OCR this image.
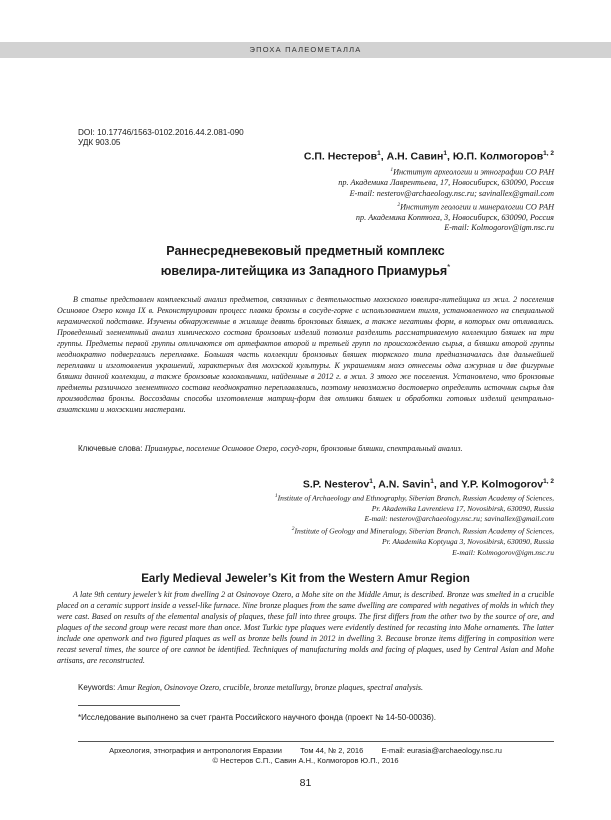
ЭПОХА ПАЛЕОМЕТАЛЛА
DOI: 10.17746/1563-0102.2016.44.2.081-090
УДК 903.05
С.П. Нестеров$^1$, А.Н. Савин$^1$, Ю.П. Колмогоров$^{1, 2}$
$^1$Институт археологии и этнографии СО РАН
пр. Академика Лаврентьева, 17, Новосибирск, 630090, Россия
E-mail: nesterov@archaeology.nsc.ru; savinallex@gmail.com
$^2$Институт геологии и минералогии СО РАН
пр. Академика Коптюга, 3, Новосибирск, 630090, Россия
E-mail: Kolmogorov@igm.nsc.ru
Раннесредневековый предметный комплекс
ювелира-литейщика из Западного Приамурья*

В статье представлен комплексный анализ предметов, связанных с деятельностью мохэского ювелира-литейщика из жил. 2 поселения Осиновое Озеро конца IX в. Реконструирован процесс плавки бронзы в сосуде-горне с использованием тигля, установленного на специальной керамической подставке. Изучены обнаруженные в жилище девять бронзовых бляшек, а также негативы форм, в которых они отливались. Проведенный элементный анализ химического состава бронзовых изделий позволил разделить рассматриваемую коллекцию бляшек на три группы. Предметы первой группы отличаются от артефактов второй и третьей групп по происхождению сырья, а бляшки второй группы неоднократно подвергались переплавке. Большая часть коллекции бронзовых бляшек тюркского типа предназначалась для дальнейшей переплавки и изготовления украшений, характерных для мохэской культуры. К украшениям мохэ отнесены одна ажурная и две фигурные бляшки данной коллекции, а также бронзовые колокольчики, найденные в 2012 г. в жил. 3 этого же поселения. Установлено, что бронзовые предметы различного элементного состава неоднократно переплавлялись, поэтому невозможно достоверно определить источник сырья для производства бронзы. Воссозданы способы изготовления матриц-форм для отливки бляшек и обработки готовых изделий центрально-азиатскими и мохэскими мастерами.

Ключевые слова: Приамурье, поселение Осиновое Озеро, сосуд-горн, бронзовые бляшки, спектральный анализ.
S.P. Nesterov$^1$, A.N. Savin$^1$, and Y.P. Kolmogorov$^{1, 2}$
$^1$Institute of Archaeology and Ethnography, Siberian Branch, Russian Academy of Sciences,
Pr. Akademika Lavrentieva 17, Novosibirsk, 630090, Russia
E-mail: nesterov@archaeology.nsc.ru; savinallex@gmail.com
$^2$Institute of Geology and Mineralogy, Siberian Branch, Russian Academy of Sciences,
Pr. Akademika Koptyuga 3, Novosibirsk, 630090, Russia
E-mail: Kolmogorov@igm.nsc.ru
Early Medieval Jeweler’s Kit from the Western Amur Region

A late 9th century jeweler’s kit from dwelling 2 at Osinovoye Ozero, a Mohe site on the Middle Amur, is described. Bronze was smelted in a crucible placed on a ceramic support inside a vessel-like furnace. Nine bronze plaques from the same dwelling are compared with negatives of molds in which they were cast. Based on results of the elemental analysis of plaques, these fall into three groups. The first differs from the other two by the source of ore, and plaques of the second group were recast more than once. Most Turkic type plaques were evidently destined for recasting into Mohe ornaments. The latter include one openwork and two figured plaques as well as bronze bells found in 2012 in dwelling 3. Because bronze items differing in composition were recast several times, the source of ore cannot be identified. Techniques of manufacturing molds and facing of plaques, used by Central Asian and Mohe artisans, are reconstructed.

Keywords: Amur Region, Osinovoye Ozero, crucible, bronze metallurgy, bronze plaques, spectral analysis.
*Исследование выполнено за счет гранта Российского научного фонда (проект № 14-50-00036).
Археология, этнография и антропология Евразии Том 44, № 2, 2016 E-mail: eurasia@archaeology.nsc.ru
© Нестеров С.П., Савин А.Н., Колмогоров Ю.П., 2016
81
